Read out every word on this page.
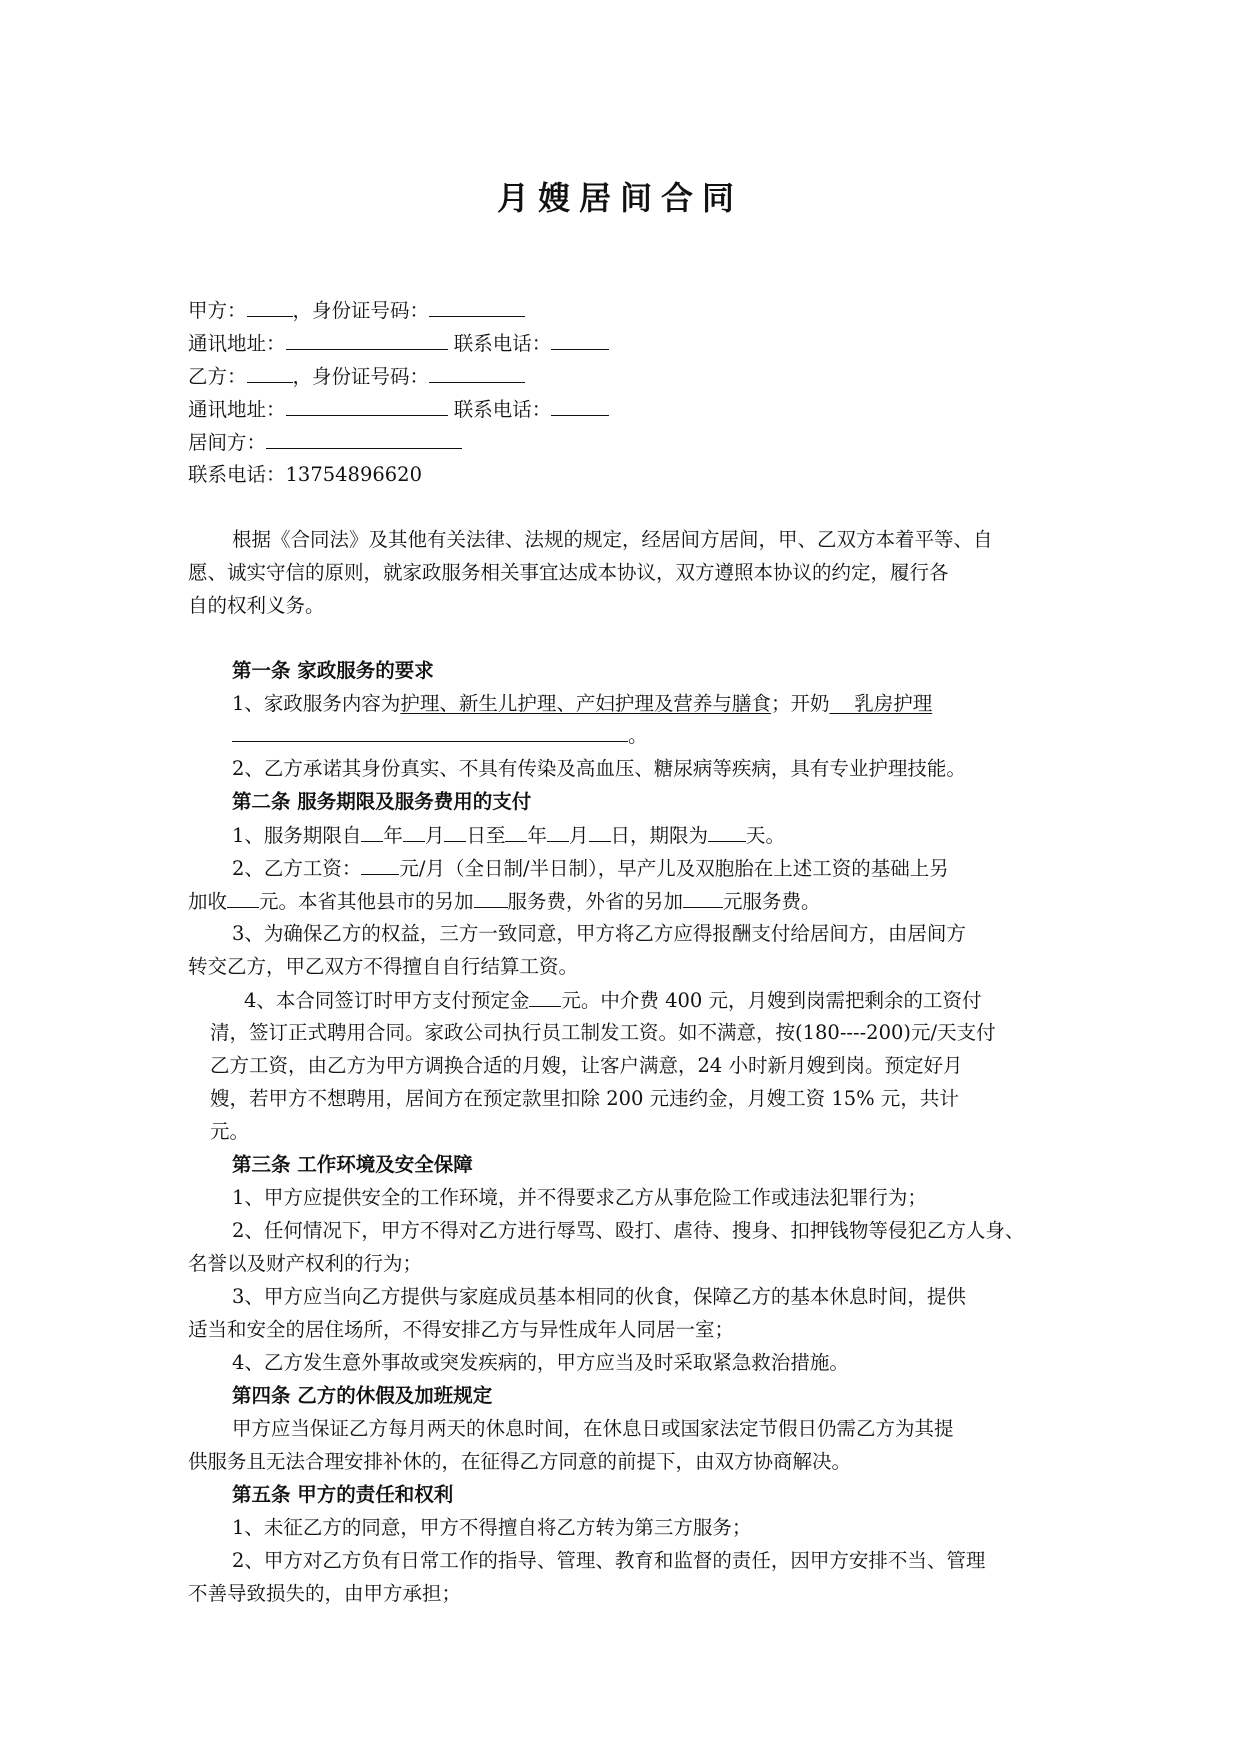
月嫂居间合同
甲方： ，身份证号码：
通讯地址：	联系电话：
乙方： ，身份证号码：
通讯地址：	联系电话：
居间方：
联系电话：13754896620
根据《合同法》及其他有关法律、法规的规定，经居间方居间，甲、乙双方本着平等、自
愿、诚实守信的原则，就家政服务相关事宜达成本协议，双方遵照本协议的约定，履行各
自的权利义务。
第一条 家政服务的要求
1、家政服务内容为护理、新生儿护理、产妇护理及营养与膳食；开奶    乳房护理
。
2、乙方承诺其身份真实、不具有传染及高血压、糖尿病等疾病，具有专业护理技能。
第二条 服务期限及服务费用的支付
1、服务期限自 年 月 日至 年 月 日，期限为 天。
2、乙方工资： 元/月（全日制/半日制），早产儿及双胞胎在上述工资的基础上另
加收 元。本省其他县市的另加 服务费，外省的另加 元服务费。
3、为确保乙方的权益，三方一致同意，甲方将乙方应得报酬支付给居间方，由居间方
转交乙方，甲乙双方不得擅自自行结算工资。
4、本合同签订时甲方支付预定金 元。中介费 400 元，月嫂到岗需把剩余的工资付
清，签订正式聘用合同。家政公司执行员工制发工资。如不满意，按(180----200)元/天支付
乙方工资，由乙方为甲方调换合适的月嫂，让客户满意，24 小时新月嫂到岗。预定好月
嫂，若甲方不想聘用，居间方在预定款里扣除 200 元违约金，月嫂工资 15% 元，共计
元。
第三条 工作环境及安全保障
1、甲方应提供安全的工作环境，并不得要求乙方从事危险工作或违法犯罪行为；
2、任何情况下，甲方不得对乙方进行辱骂、殴打、虐待、搜身、扣押钱物等侵犯乙方人身、
名誉以及财产权利的行为；
3、甲方应当向乙方提供与家庭成员基本相同的伙食，保障乙方的基本休息时间，提供
适当和安全的居住场所，不得安排乙方与异性成年人同居一室；
4、乙方发生意外事故或突发疾病的，甲方应当及时采取紧急救治措施。
第四条 乙方的休假及加班规定
甲方应当保证乙方每月两天的休息时间，在休息日或国家法定节假日仍需乙方为其提
供服务且无法合理安排补休的，在征得乙方同意的前提下，由双方协商解决。
第五条 甲方的责任和权利
1、未征乙方的同意，甲方不得擅自将乙方转为第三方服务；
2、甲方对乙方负有日常工作的指导、管理、教育和监督的责任，因甲方安排不当、管理
不善导致损失的，由甲方承担；
